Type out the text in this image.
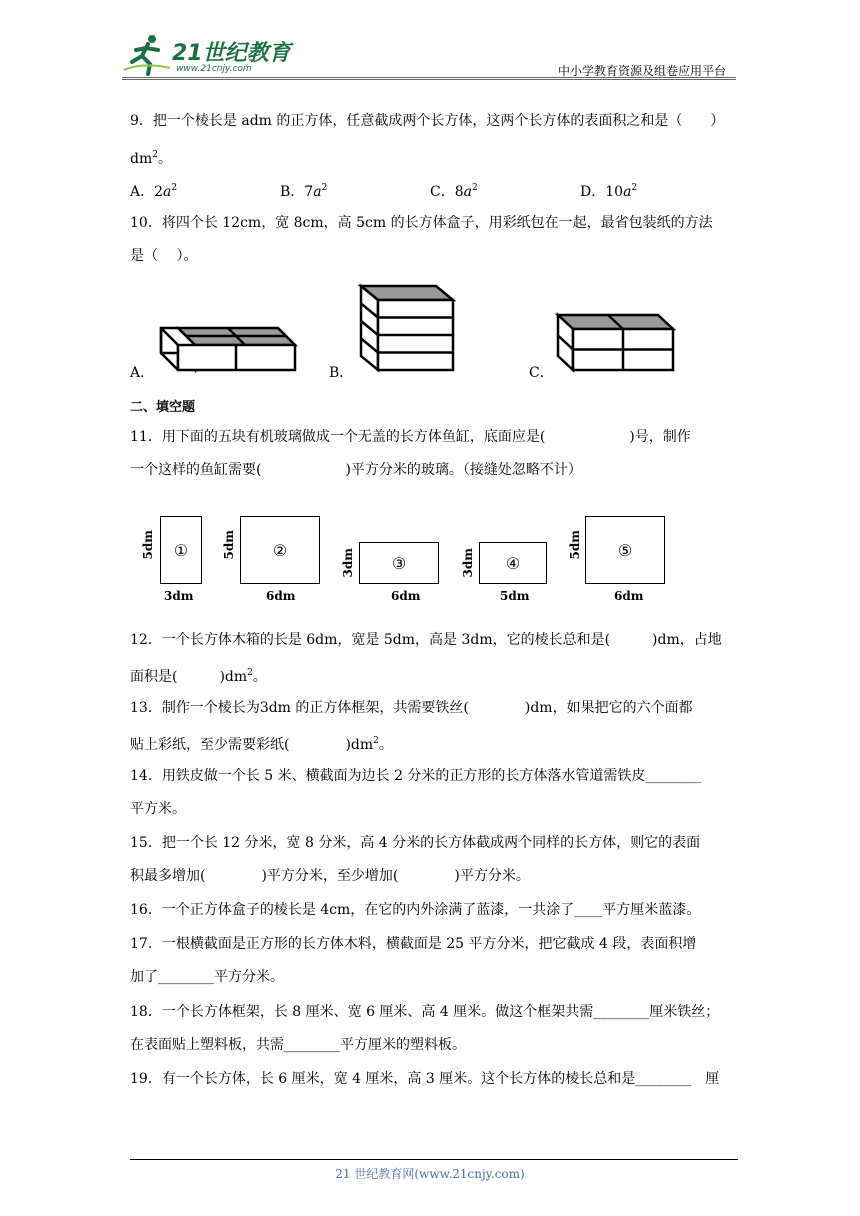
21世纪教育
www.21cnjy.com	中小学教育资源及组卷应用平台
9．把一个棱长是 adm 的正方体，任意截成两个长方体，这两个长方体的表面积之和是（　　）
$dm^2$。
A．$2a^2$	B．$7a^2$	C．$8a^2$	D．$10a^2$
10．将四个长 12cm，宽 8cm，高 5cm 的长方体盒子，用彩纸包在一起，最省包装纸的方法
是（　 ）。
A．	B．	C．
二、填空题
11．用下面的五块有机玻璃做成一个无盖的长方体鱼缸，底面应是(　　　　　　)号，制作
一个这样的鱼缸需要(　　　　　　)平方分米的玻璃。（接缝处忽略不计）
5dm ①
3dm
5dm ②
6dm
3dm ③
6dm
3dm ④
5dm
5dm ⑤
6dm
12．一个长方体木箱的长是 6dm，宽是 5dm，高是 3dm，它的棱长总和是(　　　)dm，占地
面积是(　　　)$dm^2$。
13．制作一个棱长为3dm 的正方体框架，共需要铁丝(　　　　)dm，如果把它的六个面都
贴上彩纸，至少需要彩纸(　　　　)$dm^2$。
14．用铁皮做一个长 5 米、横截面为边长 2 分米的正方形的长方体落水管道需铁皮________
平方米。
15．把一个长 12 分米，宽 8 分米，高 4 分米的长方体截成两个同样的长方体，则它的表面
积最多增加(　　　　)平方分米，至少增加(　　　　)平方分米。
16．一个正方体盒子的棱长是 4cm，在它的内外涂满了蓝漆，一共涂了____平方厘米蓝漆。
17．一根横截面是正方形的长方体木料，横截面是 25 平方分米，把它截成 4 段，表面积增
加了________平方分米。
18．一个长方体框架，长 8 厘米、宽 6 厘米、高 4 厘米。做这个框架共需________厘米铁丝；
在表面贴上塑料板，共需________平方厘米的塑料板。
19．有一个长方体，长 6 厘米，宽 4 厘米，高 3 厘米。这个长方体的棱长总和是________　厘
21 世纪教育网(www.21cnjy.com)
